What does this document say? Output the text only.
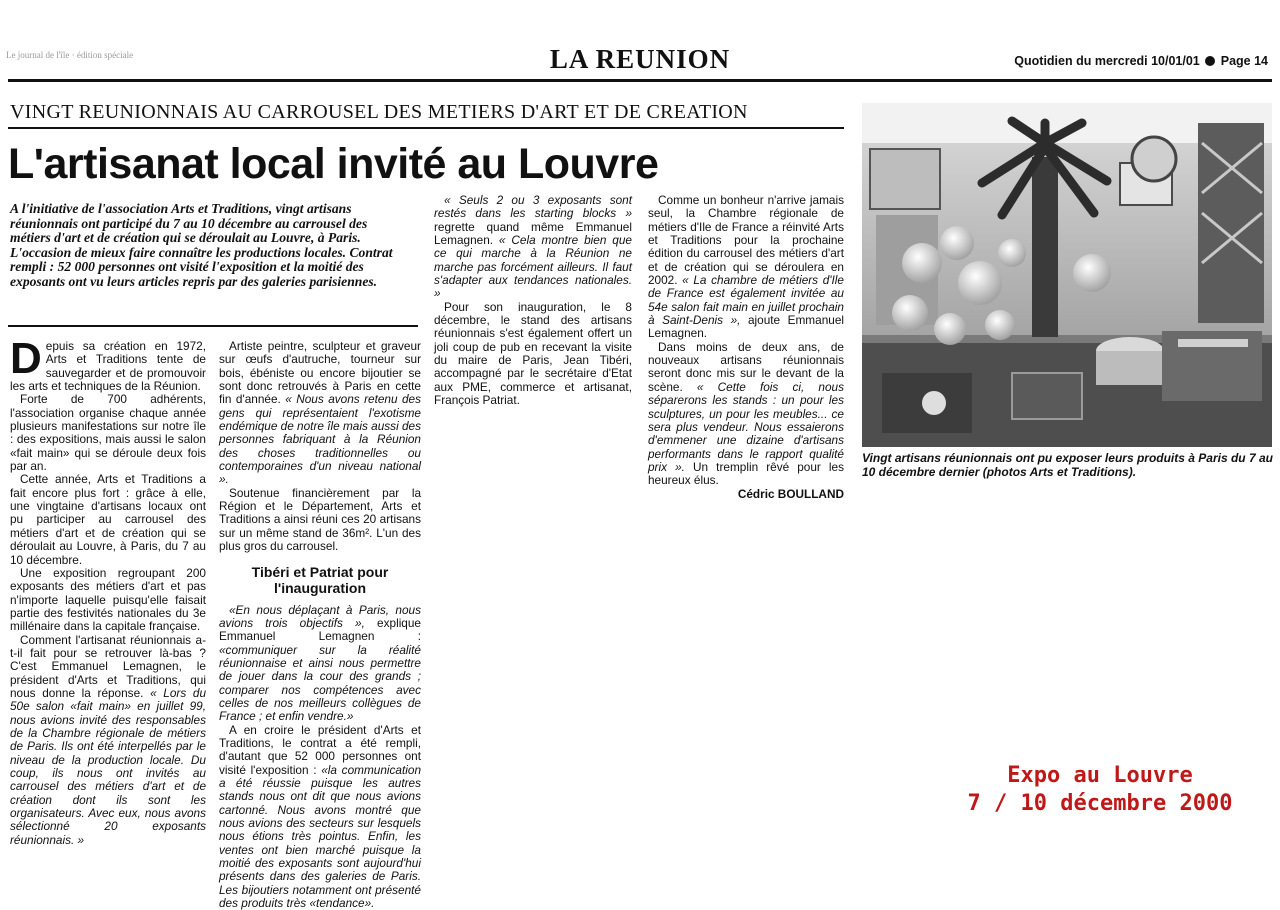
Le journal de l'île · édition spéciale	LA REUNION	Quotidien du mercredi 10/01/01 Page 14
VINGT REUNIONNAIS AU CARROUSEL DES METIERS D'ART ET DE CREATION
L'artisanat local invité au Louvre
A l'initiative de l'association Arts et Traditions, vingt artisans réunionnais ont participé du 7 au 10 décembre au carrousel des métiers d'art et de création qui se déroulait au Louvre, à Paris. L'occasion de mieux faire connaître les productions locales. Contrat rempli : 52 000 personnes ont visité l'exposition et la moitié des exposants ont vu leurs articles repris par des galeries parisiennes.

Depuis sa création en 1972, Arts et Traditions tente de sauvegarder et de promouvoir les arts et techniques de la Réunion.

Forte de 700 adhérents, l'association organise chaque année plusieurs manifestations sur notre île : des expositions, mais aussi le salon «fait main» qui se déroule deux fois par an.

Cette année, Arts et Traditions a fait encore plus fort : grâce à elle, une vingtaine d'artisans locaux ont pu participer au carrousel des métiers d'art et de création qui se déroulait au Louvre, à Paris, du 7 au 10 décembre.

Une exposition regroupant 200 exposants des métiers d'art et pas n'importe laquelle puisqu'elle faisait partie des festivités nationales du 3e millénaire dans la capitale française.

Comment l'artisanat réunionnais a-t-il fait pour se retrouver là-bas ? C'est Emmanuel Lemagnen, le président d'Arts et Traditions, qui nous donne la réponse. « Lors du 50e salon «fait main» en juillet 99, nous avions invité des responsables de la Chambre régionale de métiers de Paris. Ils ont été interpellés par le niveau de la production locale. Du coup, ils nous ont invités au carrousel des métiers d'art et de création dont ils sont les organisateurs. Avec eux, nous avons sélectionné 20 exposants réunionnais. »

Artiste peintre, sculpteur et graveur sur œufs d'autruche, tourneur sur bois, ébéniste ou encore bijoutier se sont donc retrouvés à Paris en cette fin d'année. « Nous avons retenu des gens qui représentaient l'exotisme endémique de notre île mais aussi des personnes fabriquant à la Réunion des choses traditionnelles ou contemporaines d'un niveau national ».

Soutenue financièrement par la Région et le Département, Arts et Traditions a ainsi réuni ces 20 artisans sur un même stand de 36m². L'un des plus gros du carrousel.

Tibéri et Patriat pour l'inauguration

«En nous déplaçant à Paris, nous avions trois objectifs », explique Emmanuel Lemagnen : «communiquer sur la réalité réunionnaise et ainsi nous permettre de jouer dans la cour des grands ; comparer nos compétences avec celles de nos meilleurs collègues de France ; et enfin vendre.»

A en croire le président d'Arts et Traditions, le contrat a été rempli, d'autant que 52 000 personnes ont visité l'exposition : «la communication a été réussie puisque les autres stands nous ont dit que nous avions cartonné. Nous avons montré que nous avions des secteurs sur lesquels nous étions très pointus. Enfin, les ventes ont bien marché puisque la moitié des exposants sont aujourd'hui présents dans des galeries de Paris. Les bijoutiers notamment ont présenté des produits très «tendance».

« Seuls 2 ou 3 exposants sont restés dans les starting blocks » regrette quand même Emmanuel Lemagnen. « Cela montre bien que ce qui marche à la Réunion ne marche pas forcément ailleurs. Il faut s'adapter aux tendances nationales. »

Pour son inauguration, le 8 décembre, le stand des artisans réunionnais s'est également offert un joli coup de pub en recevant la visite du maire de Paris, Jean Tibéri, accompagné par le secrétaire d'Etat aux PME, commerce et artisanat, François Patriat.

Comme un bonheur n'arrive jamais seul, la Chambre régionale de métiers d'Ile de France a réinvité Arts et Traditions pour la prochaine édition du carrousel des métiers d'art et de création qui se déroulera en 2002. « La chambre de métiers d'Ile de France est également invitée au 54e salon fait main en juillet prochain à Saint-Denis », ajoute Emmanuel Lemagnen.

Dans moins de deux ans, de nouveaux artisans réunionnais seront donc mis sur le devant de la scène. « Cette fois ci, nous séparerons les stands : un pour les sculptures, un pour les meubles... ce sera plus vendeur. Nous essaierons d'emmener une dizaine d'artisans performants dans le rapport qualité prix ». Un tremplin rêvé pour les heureux élus.

Cédric BOULLAND

Vingt artisans réunionnais ont pu exposer leurs produits à Paris du 7 au 10 décembre dernier (photos Arts et Traditions).
Expo au Louvre
7 / 10 décembre 2000
